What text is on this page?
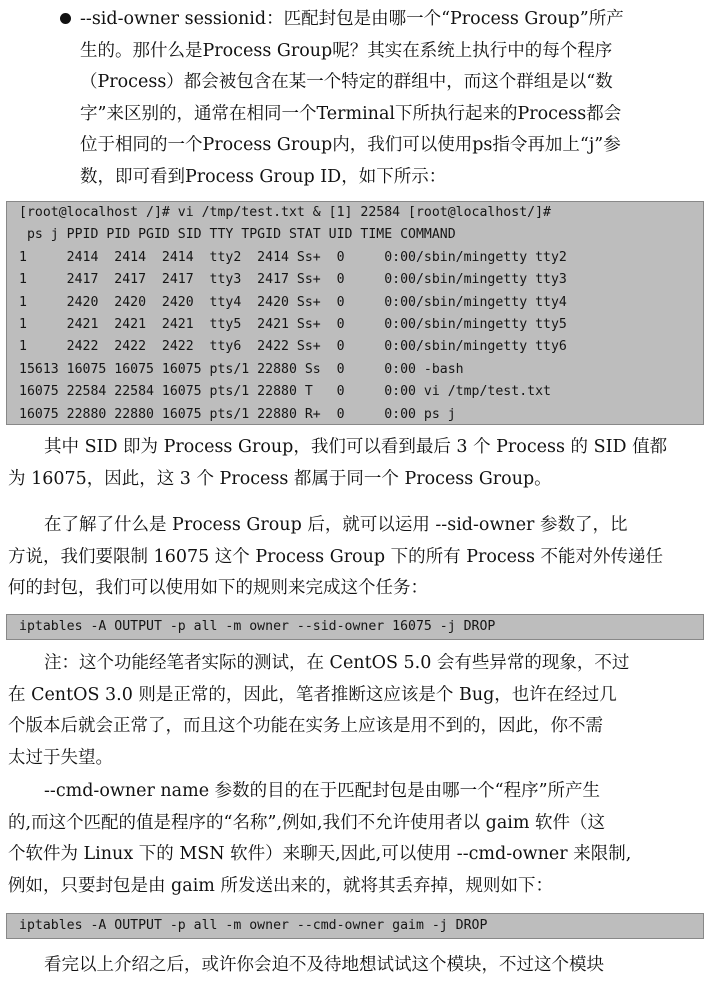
--sid-owner sessionid：匹配封包是由哪一个“Process Group”所产
生的。那什么是Process Group呢？其实在系统上执行中的每个程序
（Process）都会被包含在某一个特定的群组中，而这个群组是以“数
字”来区别的，通常在相同一个Terminal下所执行起来的Process都会
位于相同的一个Process Group内，我们可以使用ps指令再加上“j”参
数，即可看到Process Group ID，如下所示：
[root@localhost /]# vi /tmp/test.txt & [1] 22584 [root@localhost/]#
ps j PPID PID PGID SID TTY TPGID STAT UID TIME COMMAND
1     2414  2414  2414  tty2  2414 Ss+  0     0:00/sbin/mingetty tty2
1     2417  2417  2417  tty3  2417 Ss+  0     0:00/sbin/mingetty tty3
1     2420  2420  2420  tty4  2420 Ss+  0     0:00/sbin/mingetty tty4
1     2421  2421  2421  tty5  2421 Ss+  0     0:00/sbin/mingetty tty5
1     2422  2422  2422  tty6  2422 Ss+  0     0:00/sbin/mingetty tty6
15613 16075 16075 16075 pts/1 22880 Ss  0     0:00 -bash
16075 22584 22584 16075 pts/1 22880 T   0     0:00 vi /tmp/test.txt
16075 22880 22880 16075 pts/1 22880 R+  0     0:00 ps j
其中 SID 即为 Process Group，我们可以看到最后 3 个 Process 的 SID 值都
为 16075，因此，这 3 个 Process 都属于同一个 Process Group。
在了解了什么是 Process Group 后，就可以运用 --sid-owner 参数了，比
方说，我们要限制 16075 这个 Process Group 下的所有 Process 不能对外传递任
何的封包，我们可以使用如下的规则来完成这个任务：
iptables -A OUTPUT -p all -m owner --sid-owner 16075 -j DROP
注：这个功能经笔者实际的测试，在 CentOS 5.0 会有些异常的现象，不过
在 CentOS 3.0 则是正常的，因此，笔者推断这应该是个 Bug，也许在经过几
个版本后就会正常了，而且这个功能在实务上应该是用不到的，因此，你不需
太过于失望。
--cmd-owner name 参数的目的在于匹配封包是由哪一个“程序”所产生
的,而这个匹配的值是程序的“名称”,例如,我们不允许使用者以 gaim 软件（这
个软件为 Linux 下的 MSN 软件）来聊天,因此,可以使用 --cmd-owner 来限制,
例如，只要封包是由 gaim 所发送出来的，就将其丢弃掉，规则如下：
iptables -A OUTPUT -p all -m owner --cmd-owner gaim -j DROP
看完以上介绍之后，或许你会迫不及待地想试试这个模块，不过这个模块
